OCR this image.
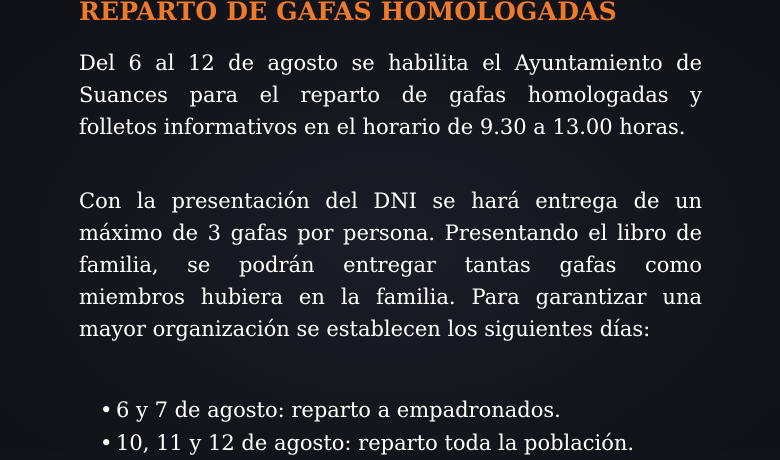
REPARTO DE GAFAS HOMOLOGADAS
Del 6 al 12 de agosto se habilita el Ayuntamiento de
Suances para el reparto de gafas homologadas y
folletos informativos en el horario de 9.30 a 13.00 horas.
Con la presentación del DNI se hará entrega de un
máximo de 3 gafas por persona. Presentando el libro de
familia, se podrán entregar tantas gafas como
miembros hubiera en la familia. Para garantizar una
mayor organización se establecen los siguientes días:
• 6 y 7 de agosto: reparto a empadronados.
• 10, 11 y 12 de agosto: reparto toda la población.
